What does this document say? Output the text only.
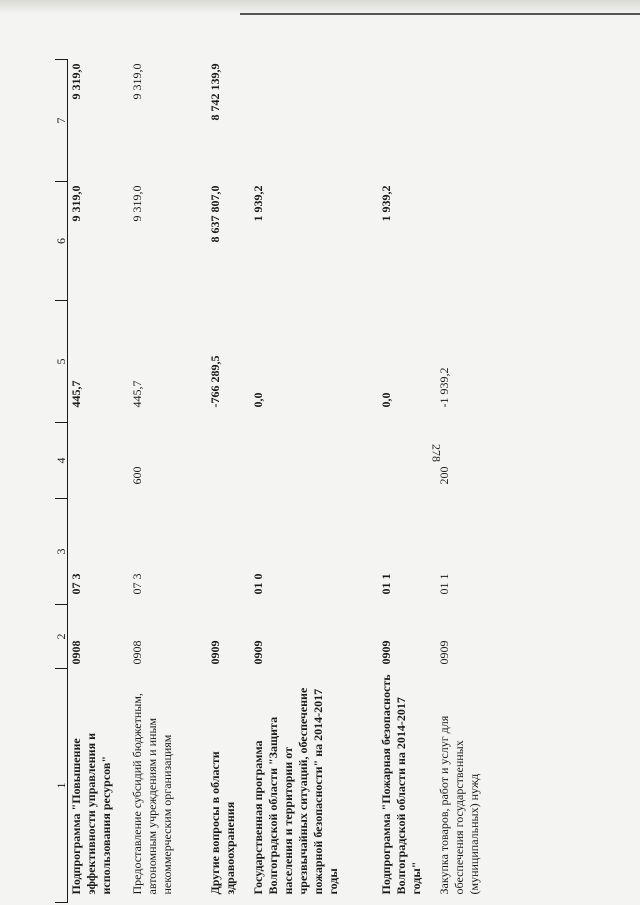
278
1	2	3	4	5	6	7
Подпрограмма "Повышение эффективности управления и использования ресурсов"	0908	07 3		445,7	9 319,0	9 319,0
Предоставление субсидий бюджетным, автономным учреждениям и иным некоммерческим организациям	0908	07 3	600	445,7	9 319,0	9 319,0
Другие вопросы в области здравоохранения	0909			-766 289,5	8 637 807,0	8 742 139,9
Государственная программа Волгоградской области "Защита населения и территории от чрезвычайных ситуаций, обеспечение пожарной безопасности" на 2014-2017 годы	0909	01 0		0,0	1 939,2	
Подпрограмма "Пожарная безопасность Волгоградской области на 2014-2017 годы"	0909	01 1		0,0	1 939,2	
Закупка товаров, работ и услуг для обеспечения государственных (муниципальных) нужд	0909	01 1	200	-1 939,2		
